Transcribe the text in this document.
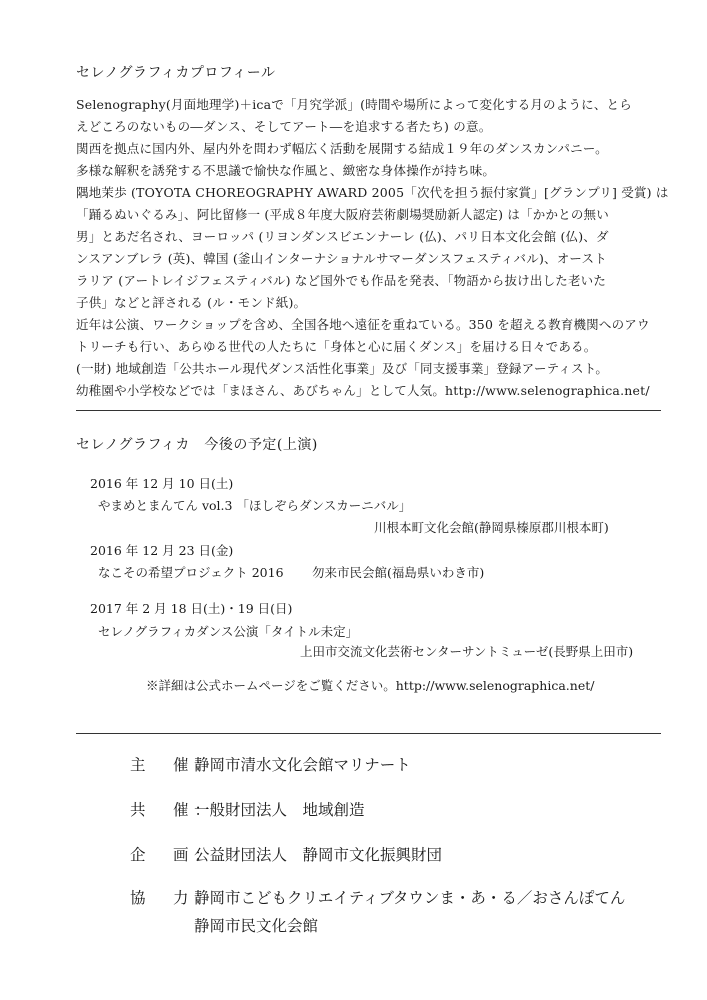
セレノグラフィカプロフィール
Selenography(月面地理学)＋icaで「月究学派」(時間や場所によって変化する月のように、とら
えどころのないもの―ダンス、そしてアート―を追求する者たち) の意。
関西を拠点に国内外、屋内外を問わず幅広く活動を展開する結成１９年のダンスカンパニー。
多様な解釈を誘発する不思議で愉快な作風と、緻密な身体操作が持ち味。
隅地茉歩 (TOYOTA CHOREOGRAPHY AWARD 2005「次代を担う振付家賞」[グランプリ] 受賞) は
「踊るぬいぐるみ」、阿比留修一 (平成８年度大阪府芸術劇場奨励新人認定) は「かかとの無い
男」とあだ名され、ヨーロッパ (リヨンダンスビエンナーレ (仏)、パリ日本文化会館 (仏)、ダ
ンスアンブレラ (英)、韓国 (釜山インターナショナルサマーダンスフェスティバル)、オースト
ラリア (アートレイジフェスティバル) など国外でも作品を発表、「物語から抜け出した老いた
子供」などと評される (ル・モンド紙)。
近年は公演、ワークショップを含め、全国各地へ遠征を重ねている。350 を超える教育機関へのアウ
トリーチも行い、あらゆる世代の人たちに「身体と心に届くダンス」を届ける日々である。
(一財) 地域創造「公共ホール現代ダンス活性化事業」及び「同支援事業」登録アーティスト。
幼稚園や小学校などでは「まほさん、あびちゃん」として人気。http://www.selenographica.net/
セレノグラフィカ　今後の予定(上演)
2016 年 12 月 10 日(土)
やまめとまんてん vol.3 「ほしぞらダンスカーニバル」
川根本町文化会館(静岡県榛原郡川根本町)
2016 年 12 月 23 日(金)
なこその希望プロジェクト 2016 勿来市民会館(福島県いわき市)
2017 年 2 月 18 日(土)・19 日(日)
セレノグラフィカダンス公演「タイトル未定」
上田市交流文化芸術センターサントミューゼ(長野県上田市)
※詳細は公式ホームページをご覧ください。http://www.selenographica.net/
主　催：静岡市清水文化会館マリナート
共　催：一般財団法人　地域創造
企　画：公益財団法人　静岡市文化振興財団
協　力：静岡市こどもクリエイティブタウンま・あ・る／おさんぽてん
静岡市民文化会館
